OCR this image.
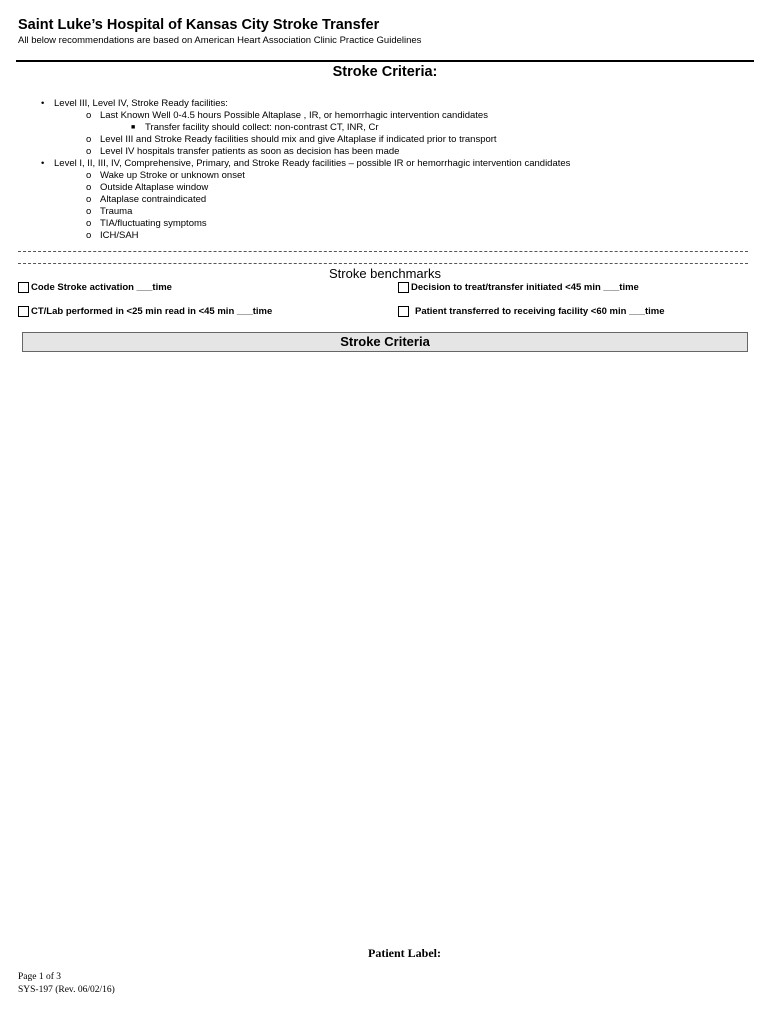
Saint Luke’s Hospital of Kansas City Stroke Transfer
All below recommendations are based on American Heart Association Clinic Practice Guidelines
Stroke Criteria:
• Level III, Level IV, Stroke Ready facilities:
o Last Known Well 0-4.5 hours Possible Altaplase , IR, or hemorrhagic intervention candidates
■ Transfer facility should collect: non-contrast CT, INR, Cr
o Level III and Stroke Ready facilities should mix and give Altaplase if indicated prior to transport
o Level IV hospitals transfer patients as soon as decision has been made
• Level I, II, III, IV, Comprehensive, Primary, and Stroke Ready facilities – possible IR or hemorrhagic intervention candidates
o Wake up Stroke or unknown onset
o Outside Altaplase window
o Altaplase contraindicated
o Trauma
o TIA/fluctuating symptoms
o ICH/SAH
Stroke benchmarks
Code Stroke activation ___time	Decision to treat/transfer initiated <45 min ___time
CT/Lab performed in <25 min read in <45 min ___time	Patient transferred to receiving facility <60 min ___time
Stroke Criteria
Patient Label:
Page 1 of 3
SYS-197 (Rev. 06/02/16)
